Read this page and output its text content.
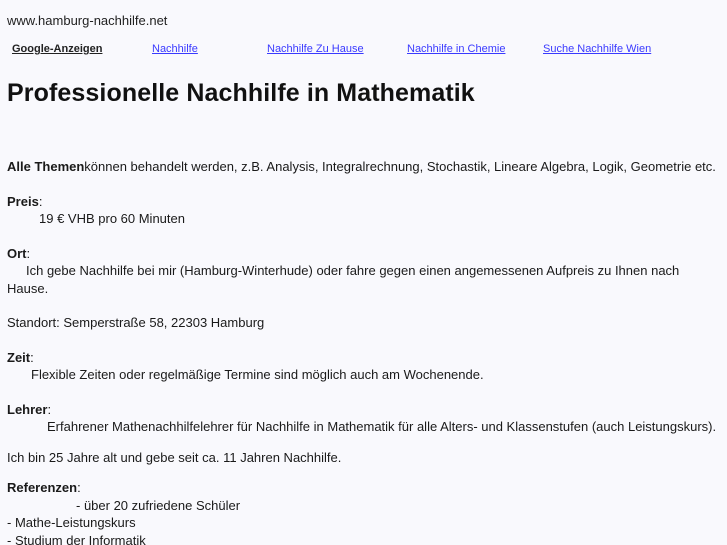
www.hamburg-nachhilfe.net
Google-Anzeigen	Nachhilfe	Nachhilfe Zu Hause	Nachhilfe in Chemie	Suche Nachhilfe Wien
Professionelle Nachhilfe in Mathematik

Alle Themenkönnen behandelt werden, z.B. Analysis, Integralrechnung, Stochastik, Lineare Algebra, Logik, Geometrie etc.

Preis:

19 € VHB pro 60 Minuten

Ort:

Ich gebe Nachhilfe bei mir (Hamburg-Winterhude) oder fahre gegen einen angemessenen Aufpreis zu Ihnen nach Hause.

Standort: Semperstraße 58, 22303 Hamburg

Zeit:

Flexible Zeiten oder regelmäßige Termine sind möglich auch am Wochenende.

Lehrer:

Erfahrener Mathenachhilfelehrer für Nachhilfe in Mathematik für alle Alters- und Klassenstufen (auch Leistungskurs).

Ich bin 25 Jahre alt und gebe seit ca. 11 Jahren Nachhilfe.

Referenzen:

- über 20 zufriedene Schüler

- Mathe-Leistungskurs

- Studium der Informatik
